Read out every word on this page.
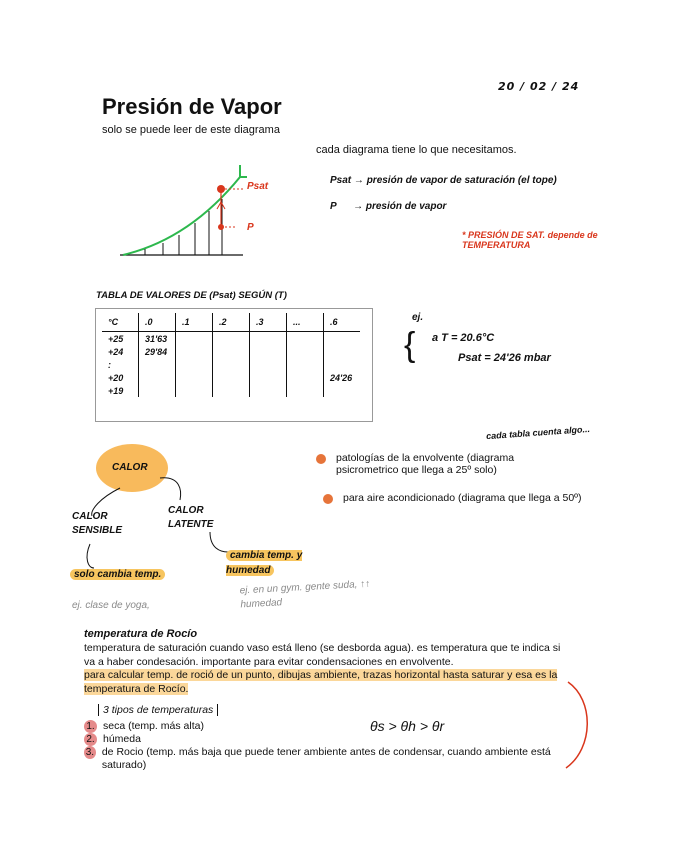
20 / 02 / 24
Presión de Vapor
solo se puede leer de este diagrama
cada diagrama tiene lo que necesitamos.
Psat
P
Psat → presión de vapor de saturación (el tope)
P → presión de vapor
* PRESIÓN DE SAT. depende de TEMPERATURA
TABLA DE VALORES DE (Psat) SEGÚN (T)
°C	.0	.1	.2	.3	...	.6
+25	31'63					
+24	29'84					
:						
+20						24'26
+19						
ej.
{ a T = 20.6°C
Psat = 24'26 mbar
cada tabla cuenta algo...
patologías de la envolvente (diagrama psicrometrico que llega a 25º solo)
para aire acondicionado (diagrama que llega a 50º)
CALOR
CALOR SENSIBLE
CALOR LATENTE
cambia temp. y humedad
solo cambia temp.
ej. clase de yoga,
ej. en un gym. gente suda, ↑↑ humedad
temperatura de Rocío
temperatura de saturación cuando vaso está lleno (se desborda agua). es temperatura que te indica si va a haber condesación. importante para evitar condensaciones en envolvente.
para calcular temp. de roció de un punto, dibujas ambiente, trazas horizontal hasta saturar y esa es la temperatura de Rocío.
3 tipos de temperaturas
1. seca (temp. más alta)
2. húmeda
3. de Rocio (temp. más baja que puede tener ambiente antes de condensar, cuando ambiente está saturado)
θs > θh > θr
